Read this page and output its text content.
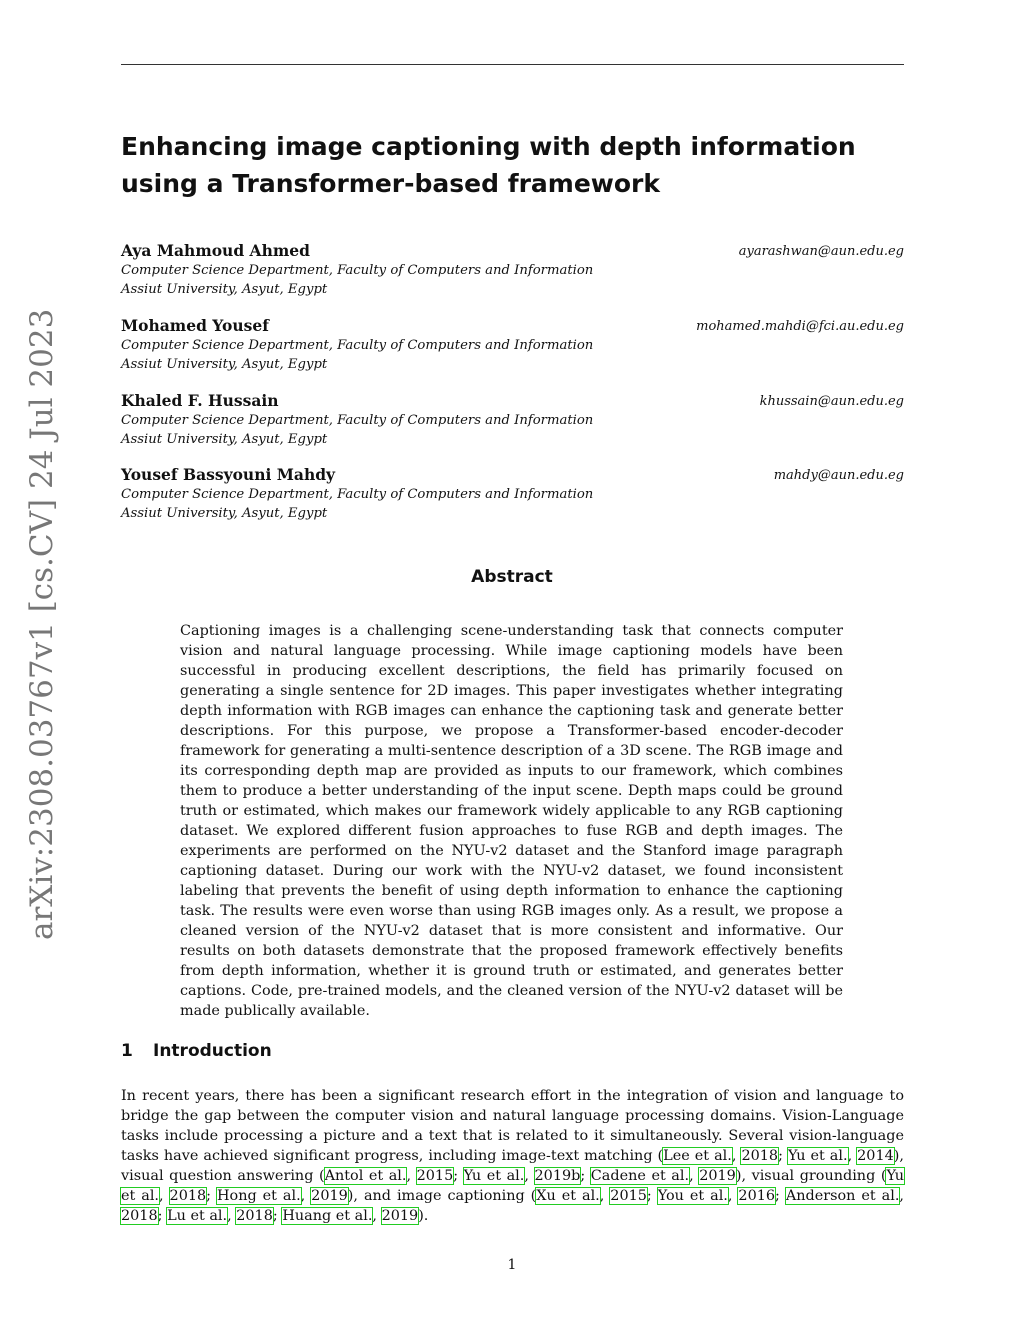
arXiv:2308.03767v1 [cs.CV] 24 Jul 2023
Enhancing image captioning with depth information using a Transformer-based framework
Aya Mahmoud Ahmed	ayarashwan@aun.edu.eg
Computer Science Department, Faculty of Computers and Information
Assiut University, Asyut, Egypt
Mohamed Yousef	mohamed.mahdi@fci.au.edu.eg
Computer Science Department, Faculty of Computers and Information
Assiut University, Asyut, Egypt
Khaled F. Hussain	khussain@aun.edu.eg
Computer Science Department, Faculty of Computers and Information
Assiut University, Asyut, Egypt
Yousef Bassyouni Mahdy	mahdy@aun.edu.eg
Computer Science Department, Faculty of Computers and Information
Assiut University, Asyut, Egypt
Abstract
Captioning images is a challenging scene-understanding task that connects computer vision and natural language processing. While image captioning models have been successful in producing excellent descriptions, the field has primarily focused on generating a single sentence for 2D images. This paper investigates whether integrating depth information with RGB images can enhance the captioning task and generate better descriptions. For this purpose, we propose a Transformer-based encoder-decoder framework for generating a multi-sentence description of a 3D scene. The RGB image and its corresponding depth map are provided as inputs to our framework, which combines them to produce a better understanding of the input scene. Depth maps could be ground truth or estimated, which makes our framework widely applicable to any RGB captioning dataset. We explored different fusion approaches to fuse RGB and depth images. The experiments are performed on the NYU-v2 dataset and the Stanford image paragraph captioning dataset. During our work with the NYU-v2 dataset, we found inconsistent labeling that prevents the benefit of using depth information to enhance the captioning task. The results were even worse than using RGB images only. As a result, we propose a cleaned version of the NYU-v2 dataset that is more consistent and informative. Our results on both datasets demonstrate that the proposed framework effectively benefits from depth information, whether it is ground truth or estimated, and generates better captions. Code, pre-trained models, and the cleaned version of the NYU-v2 dataset will be made publically available.
1 Introduction
In recent years, there has been a significant research effort in the integration of vision and language to bridge the gap between the computer vision and natural language processing domains. Vision-Language tasks include processing a picture and a text that is related to it simultaneously. Several vision-language tasks have achieved significant progress, including image-text matching (Lee et al., 2018; Yu et al., 2014), visual question answering (Antol et al., 2015; Yu et al., 2019b; Cadene et al., 2019), visual grounding (Yu et al., 2018; Hong et al., 2019), and image captioning (Xu et al., 2015; You et al., 2016; Anderson et al., 2018; Lu et al., 2018; Huang et al., 2019).
1
